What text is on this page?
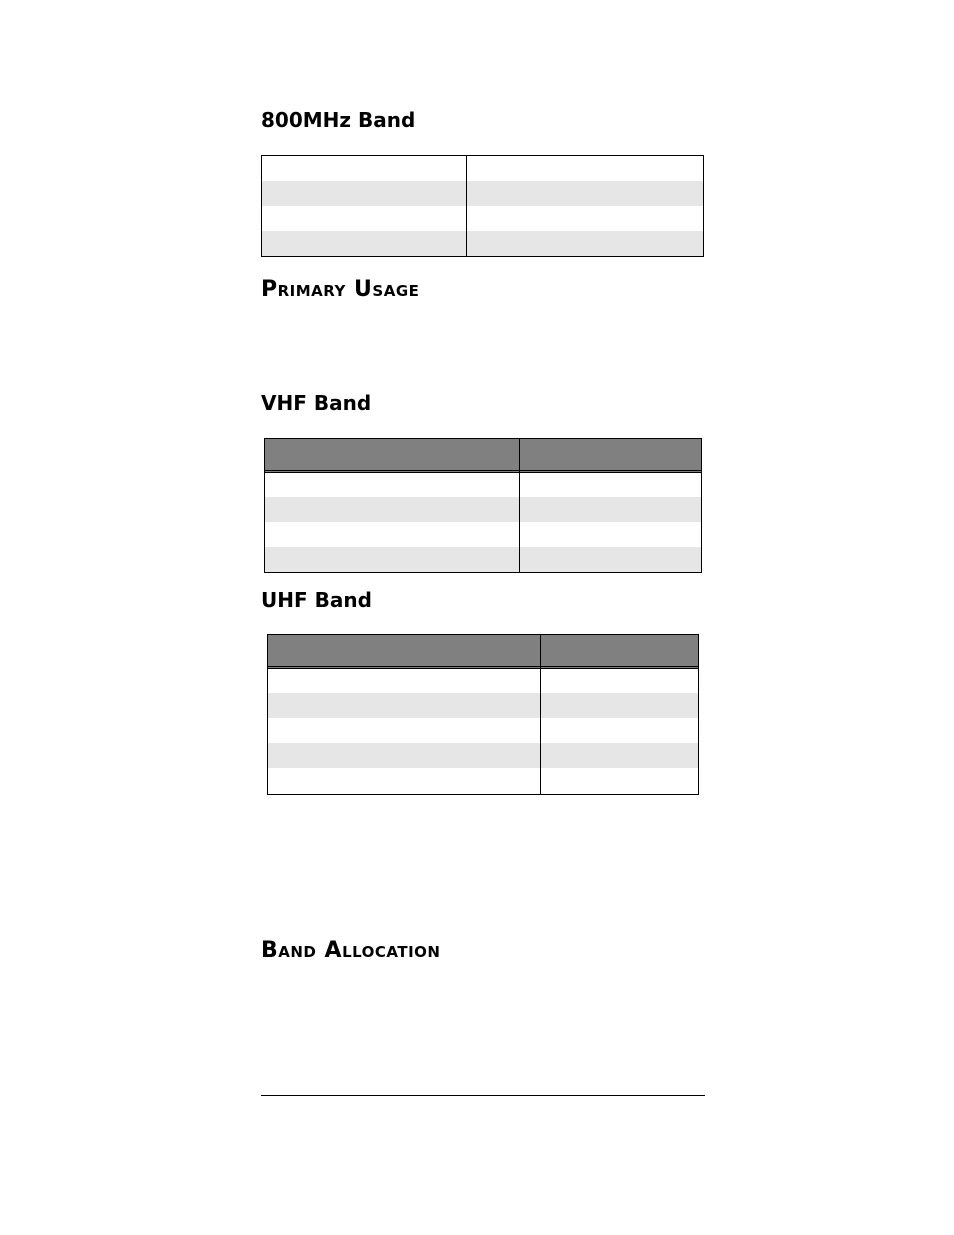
800MHz Band
Primary Usage
VHF Band
UHF Band
Band Allocation
